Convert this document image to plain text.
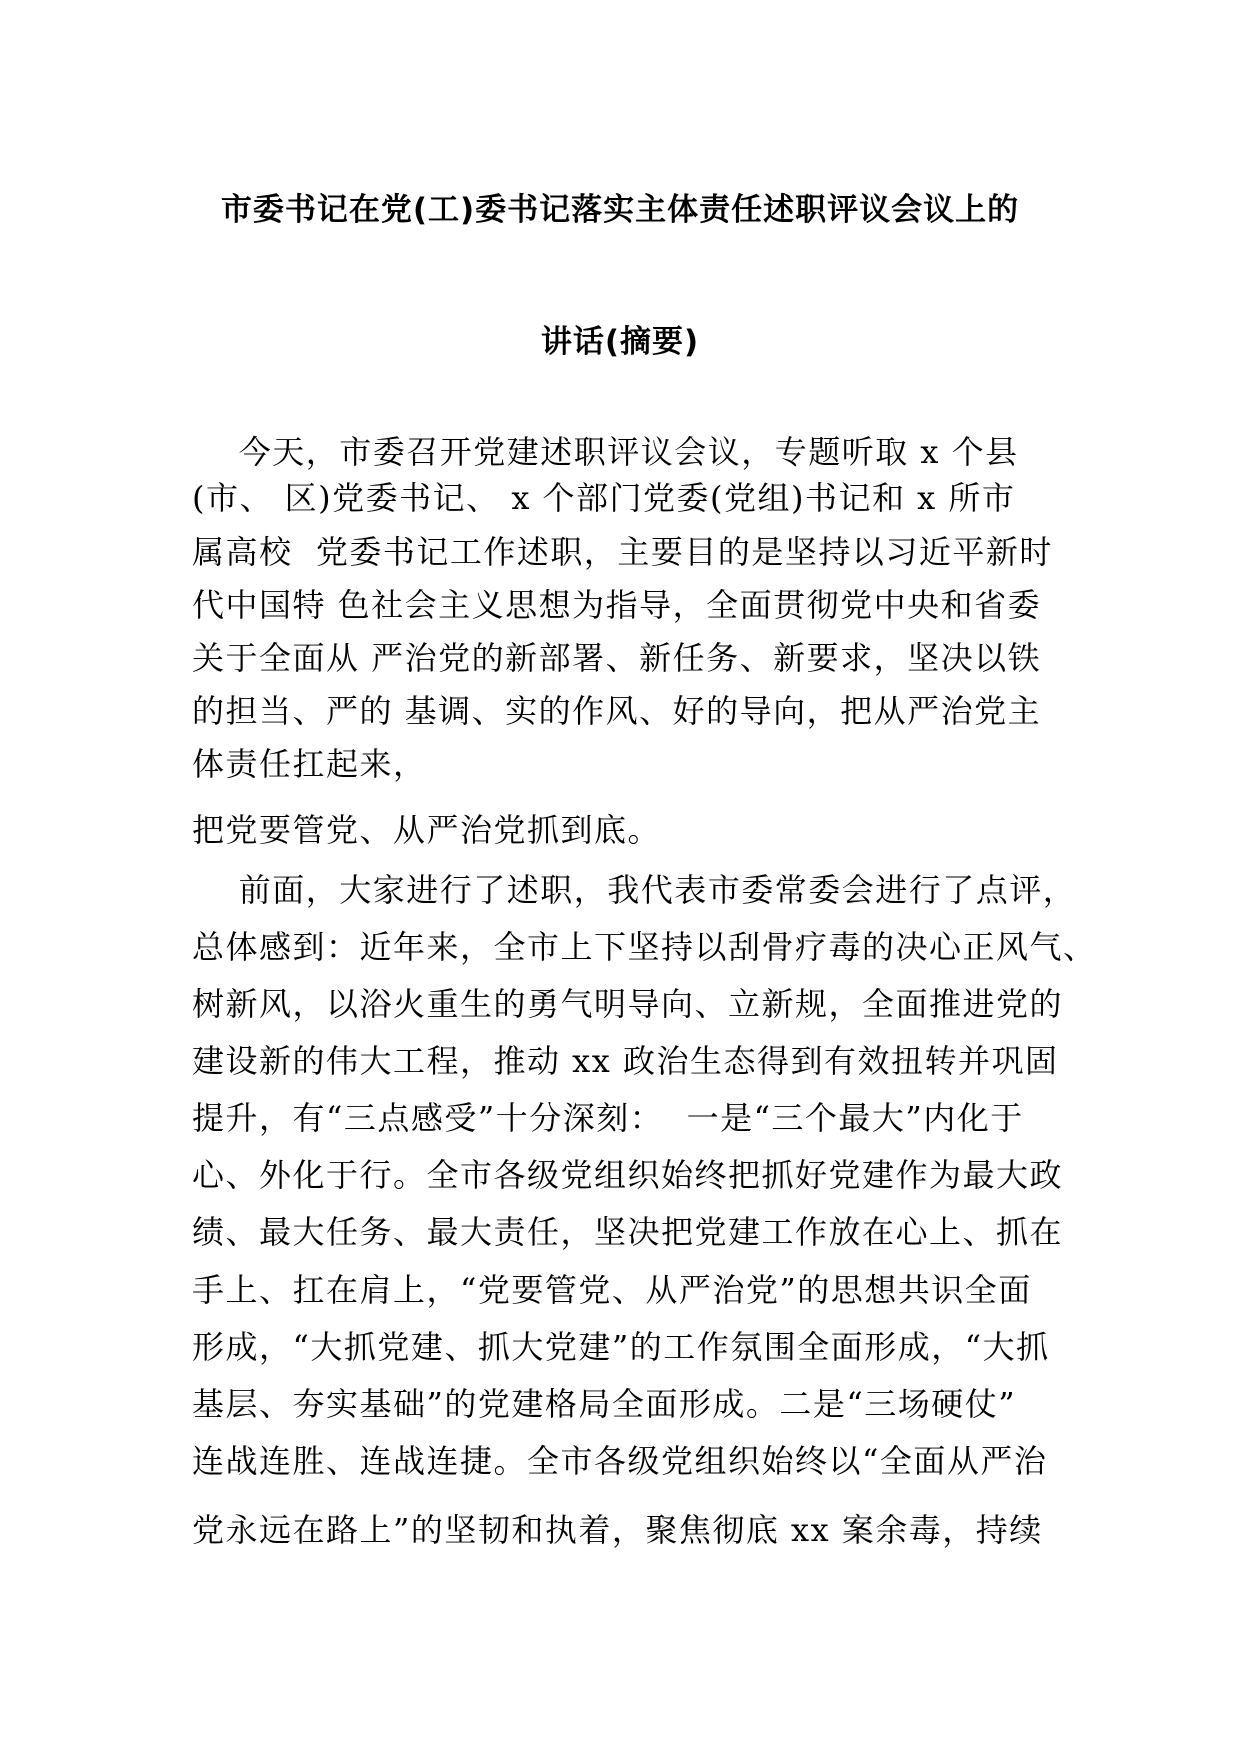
市委书记在党(工)委书记落实主体责任述职评议会议上的
讲话(摘要)
今天，市委召开党建述职评议会议，专题听取 x 个县
(市、 区)党委书记、 x 个部门党委(党组)书记和 x 所市
属高校  党委书记工作述职，主要目的是坚持以习近平新时
代中国特 色社会主义思想为指导，全面贯彻党中央和省委
关于全面从 严治党的新部署、新任务、新要求，坚决以铁
的担当、严的 基调、实的作风、好的导向，把从严治党主
体责任扛起来，
把党要管党、从严治党抓到底。
前面，大家进行了述职，我代表市委常委会进行了点评，
总体感到：近年来，全市上下坚持以刮骨疗毒的决心正风气、
树新风，以浴火重生的勇气明导向、立新规，全面推进党的
建设新的伟大工程，推动 xx 政治生态得到有效扭转并巩固
提升，有“三点感受”十分深刻：  一是“三个最大”内化于
心、外化于行。全市各级党组织始终把抓好党建作为最大政
绩、最大任务、最大责任，坚决把党建工作放在心上、抓在
手上、扛在肩上，“党要管党、从严治党”的思想共识全面
形成，“大抓党建、抓大党建”的工作氛围全面形成，“大抓
基层、夯实基础”的党建格局全面形成。二是“三场硬仗”
连战连胜、连战连捷。全市各级党组织始终以“全面从严治
党永远在路上”的坚韧和执着，聚焦彻底 xx 案余毒，持续
